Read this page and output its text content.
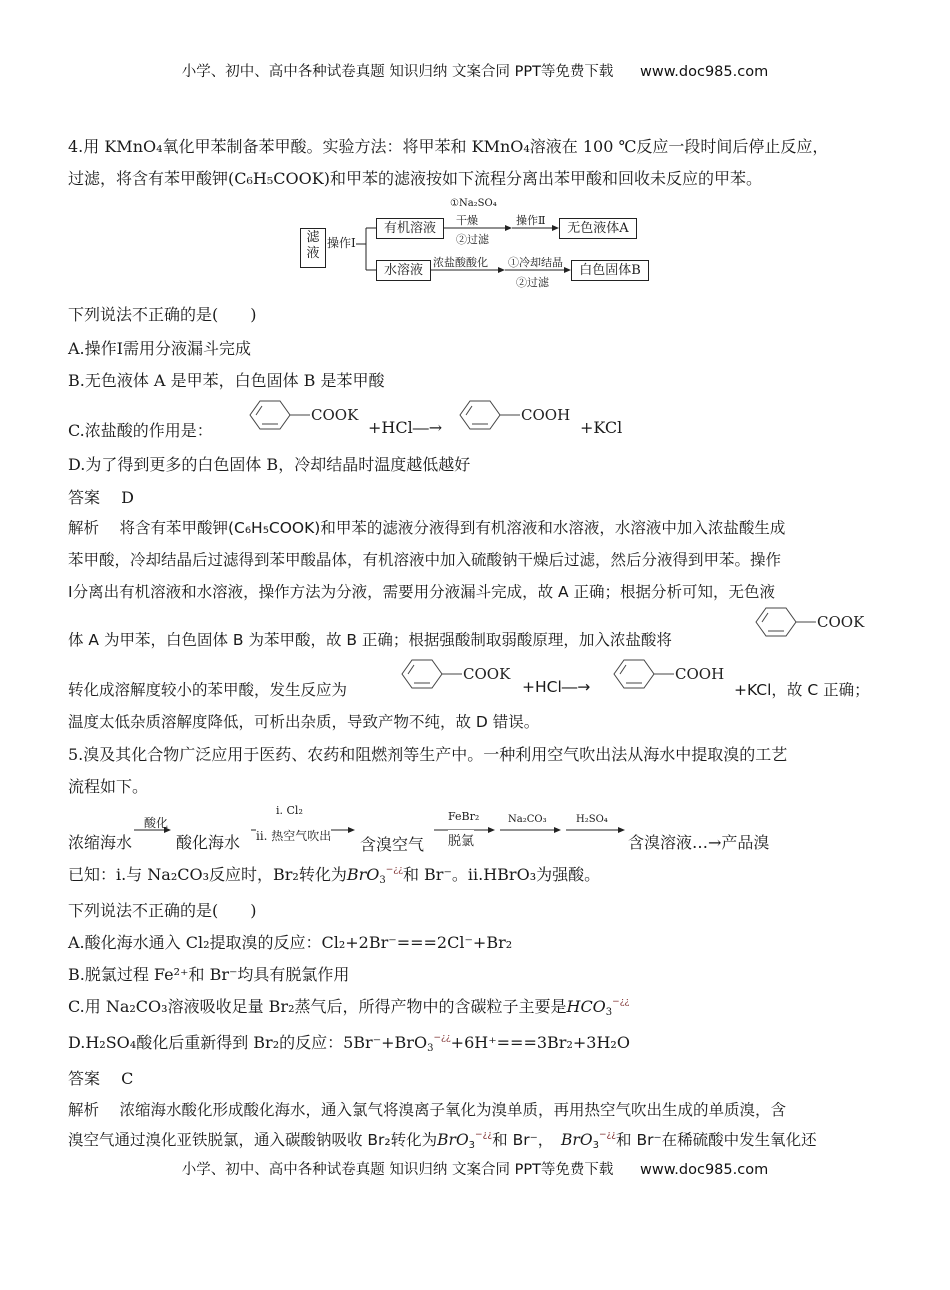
小学、初中、高中各种试卷真题 知识归纳 文案合同 PPT等免费下载 www.doc985.com
4.用 KMnO₄氧化甲苯制备苯甲酸。实验方法：将甲苯和 KMnO₄溶液在 100 ℃反应一段时间后停止反应，
过滤，将含有苯甲酸钾(C₆H₅COOK)和甲苯的滤液按如下流程分离出苯甲酸和回收未反应的甲苯。
滤液
操作Ⅰ
有机溶液
水溶液
①Na₂SO₄
干燥
②过滤
操作Ⅱ
无色液体A
浓盐酸酸化 ①冷却结晶
②过滤
白色固体B
下列说法不正确的是(　　)
A.操作Ⅰ需用分液漏斗完成
B.无色液体 A 是甲苯，白色固体 B 是苯甲酸
C.浓盐酸的作用是：
COOK
+HCl―→
COOH
+KCl
D.为了得到更多的白色固体 B，冷却结晶时温度越低越好
答案　 D
解析　 将含有苯甲酸钾(C₆H₅COOK)和甲苯的滤液分液得到有机溶液和水溶液，水溶液中加入浓盐酸生成
苯甲酸，冷却结晶后过滤得到苯甲酸晶体，有机溶液中加入硫酸钠干燥后过滤，然后分液得到甲苯。操作
Ⅰ分离出有机溶液和水溶液，操作方法为分液，需要用分液漏斗完成，故 A 正确；根据分析可知，无色液
体 A 为甲苯，白色固体 B 为苯甲酸，故 B 正确；根据强酸制取弱酸原理，加入浓盐酸将
COOK
转化成溶解度较小的苯甲酸，发生反应为
COOK
+HCl―→
COOH
+KCl，故 C 正确；
温度太低杂质溶解度降低，可析出杂质，导致产物不纯，故 D 错误。
5.溴及其化合物广泛应用于医药、农药和阻燃剂等生产中。一种利用空气吹出法从海水中提取溴的工艺
流程如下。
浓缩海水
酸化
酸化海水
ⅰ. Cl₂
ⅱ. 热空气吹出 含溴空气
FeBr₂
脱氯
Na₂CO₃	H₂SO₄
含溴溶液…→产品溴
已知：ⅰ.与 Na₂CO₃反应时，Br₂转化为BrO$_3$−¿¿和 Br⁻。ⅱ.HBrO₃为强酸。
下列说法不正确的是(　　)
A.酸化海水通入 Cl₂提取溴的反应：Cl₂+2Br⁻===2Cl⁻+Br₂
B.脱氯过程 Fe²⁺和 Br⁻均具有脱氯作用
C.用 Na₂CO₃溶液吸收足量 Br₂蒸气后，所得产物中的含碳粒子主要是$HCO_3^{-¿¿}$
D.H₂SO₄酸化后重新得到 Br₂的反应：5Br⁻+BrO$_3$−¿¿+6H⁺===3Br₂+3H₂O
答案　 C
解析　 浓缩海水酸化形成酸化海水，通入氯气将溴离子氧化为溴单质，再用热空气吹出生成的单质溴，含
溴空气通过溴化亚铁脱氯，通入碳酸钠吸收 Br₂转化为BrO$_3$−¿¿和 Br⁻，　 BrO$_3$−¿¿和 Br⁻在稀硫酸中发生氧化还
小学、初中、高中各种试卷真题 知识归纳 文案合同 PPT等免费下载 www.doc985.com
